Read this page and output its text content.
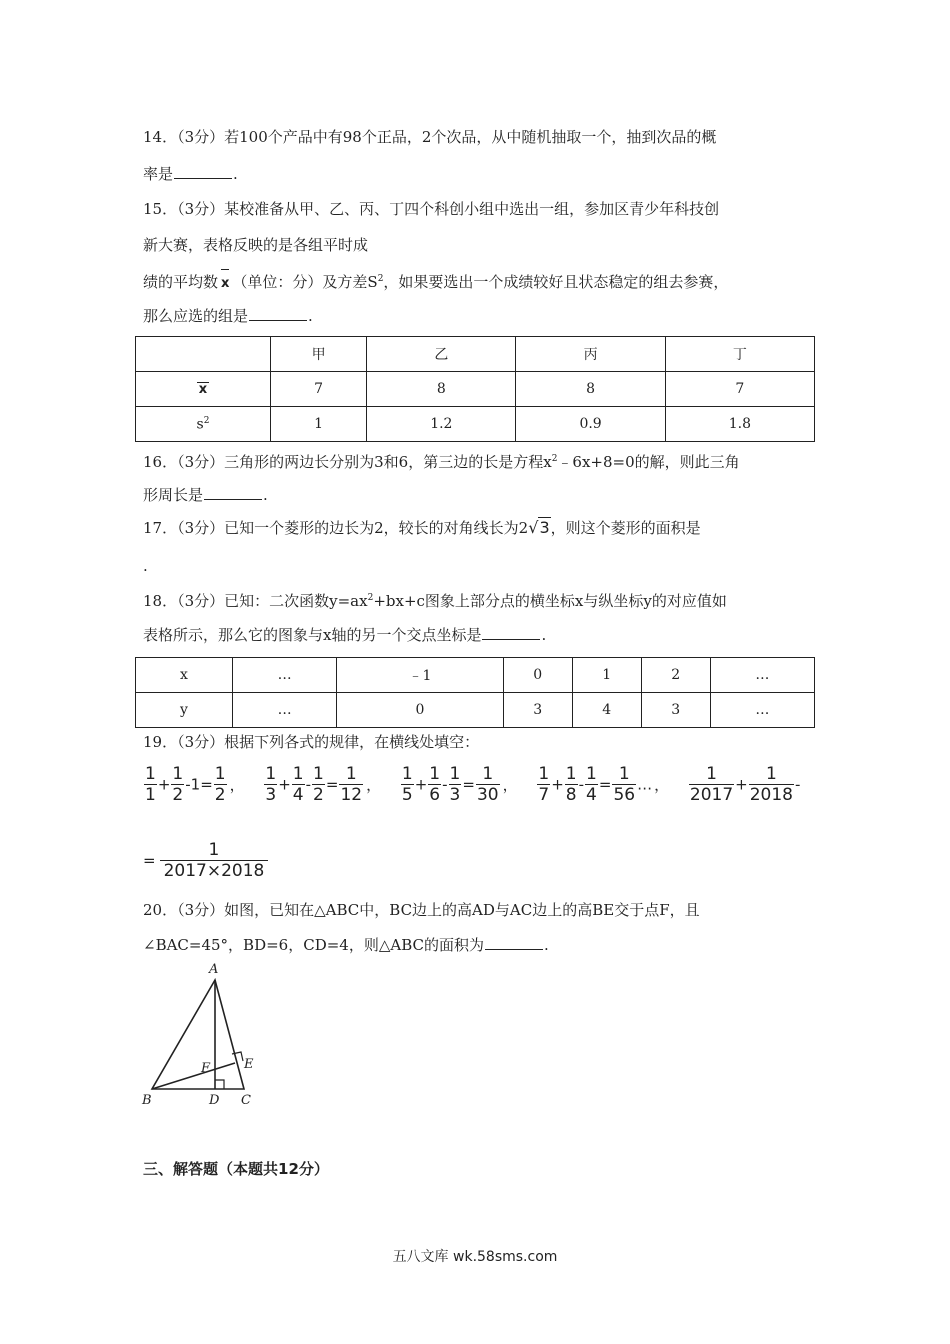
14．（3分）若100个产品中有98个正品，2个次品，从中随机抽取一个，抽到次品的概
率是	.
15．（3分）某校准备从甲、乙、丙、丁四个科创小组中选出一组，参加区青少年科技创
新大赛，表格反映的是各组平时成
绩的平均数 x （单位：分）及方差$S^2$，如果要选出一个成绩较好且状态稳定的组去参赛，
那么应选的组是	.
	甲	乙	丙	丁
x	7	8	8	7
$s^2$	1	1.2	0.9	1.8
16．（3分）三角形的两边长分别为3和6，第三边的长是方程$x^2﹣6x+8=0$的解，则此三角
形周长是	.
17．（3分）已知一个菱形的边长为2，较长的对角线长为2√3，则这个菱形的面积是
.
18．（3分）已知：二次函数$y=ax^2+bx+c$图象上部分点的横坐标x与纵坐标y的对应值如
表格所示，那么它的图象与x轴的另一个交点坐标是	.
x	…	﹣1	0	1	2	…
y	…	0	3	4	3	…
19．（3分）根据下列各式的规律，在横线处填空：
$\frac{1}{1} + \frac{1}{2} -1= \frac{1}{2}$ ， $\frac{1}{3} + \frac{1}{4} - \frac{1}{2} = \frac{1}{12}$ ， $\frac{1}{5} + \frac{1}{6} - \frac{1}{3} = \frac{1}{30}$ ， $\frac{1}{7} + \frac{1}{8} - \frac{1}{4} = \frac{1}{56}$ … ， $\frac{1}{2017} + \frac{1}{2018}$ -
= $\frac{1}{2017\times 2018}$
20．（3分）如图，已知在△ABC中，BC边上的高AD与AC边上的高BE交于点F，且
∠BAC=45°，BD=6，CD=4，则△ABC的面积为	.
A
B	C
D
E
F
三、解答题（本题共12分）
五八文库 wk.58sms.com
